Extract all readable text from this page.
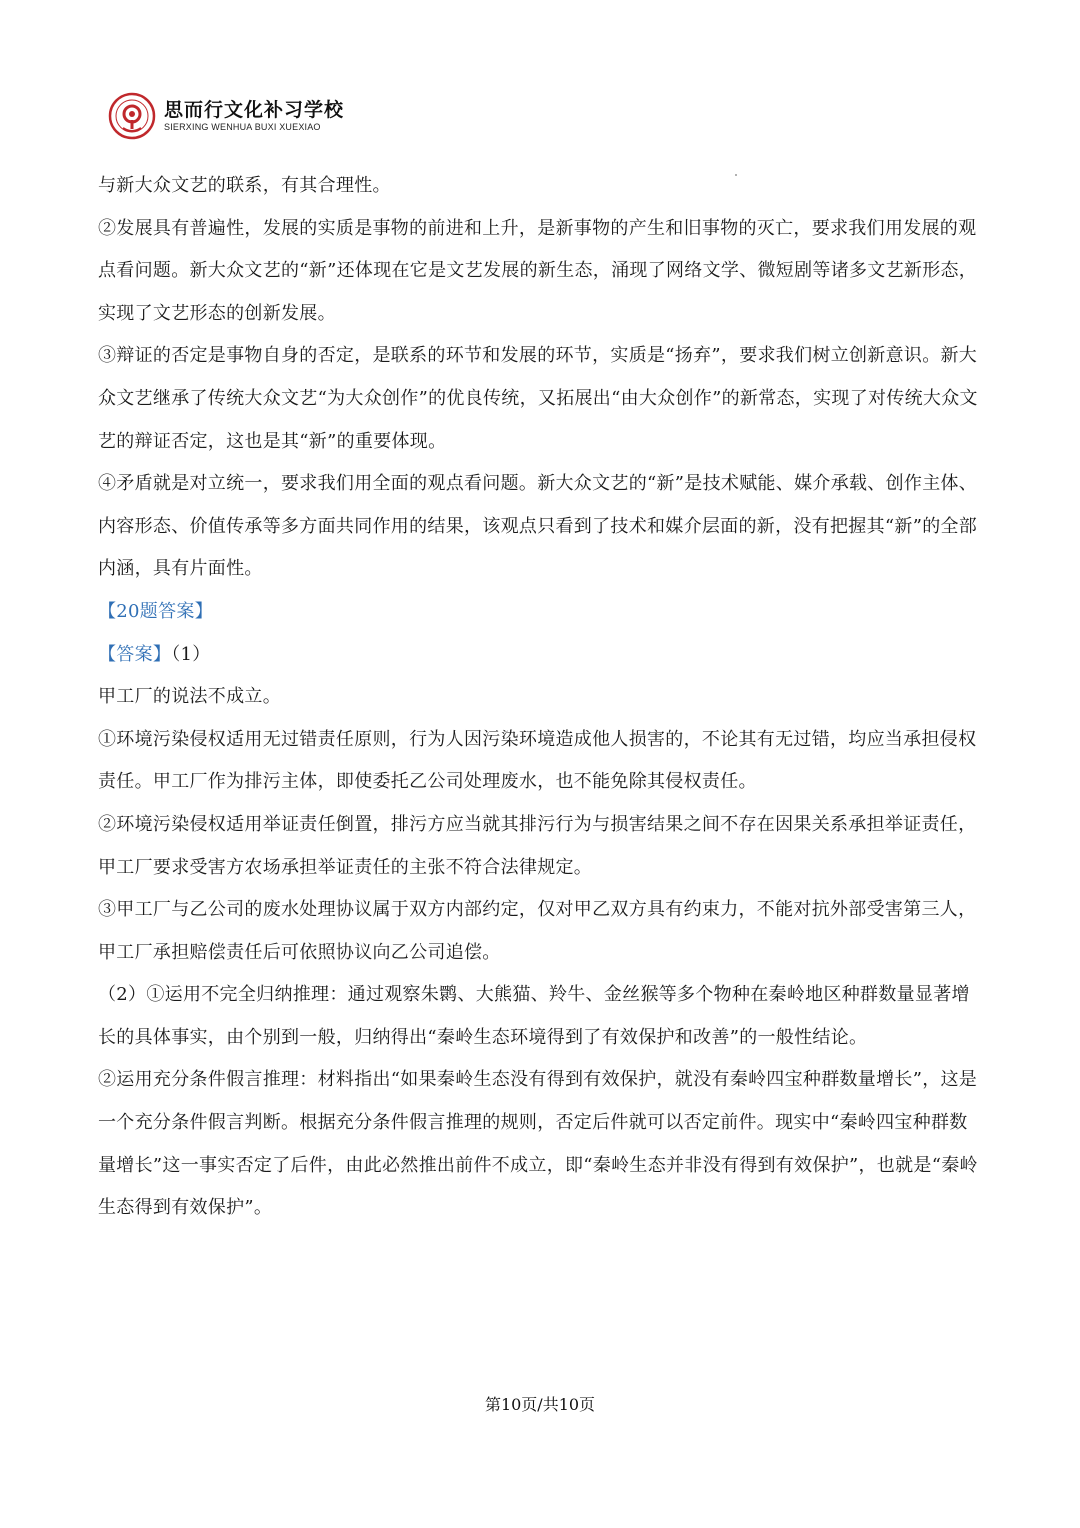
思而行文化补习学校
SIERXING WENHUA BUXI XUEXIAO

与新大众文艺的联系，有其合理性。

②发展具有普遍性，发展的实质是事物的前进和上升，是新事物的产生和旧事物的灭亡，要求我们用发展的观点看问题。新大众文艺的“新”还体现在它是文艺发展的新生态，涌现了网络文学、微短剧等诸多文艺新形态，实现了文艺形态的创新发展。

③辩证的否定是事物自身的否定，是联系的环节和发展的环节，实质是“扬弃”，要求我们树立创新意识。新大众文艺继承了传统大众文艺“为大众创作”的优良传统，又拓展出“由大众创作”的新常态，实现了对传统大众文艺的辩证否定，这也是其“新”的重要体现。

④矛盾就是对立统一，要求我们用全面的观点看问题。新大众文艺的“新”是技术赋能、媒介承载、创作主体、内容形态、价值传承等多方面共同作用的结果，该观点只看到了技术和媒介层面的新，没有把握其“新”的全部内涵，具有片面性。

【20题答案】

【答案】（1）

甲工厂的说法不成立。

①环境污染侵权适用无过错责任原则，行为人因污染环境造成他人损害的，不论其有无过错，均应当承担侵权责任。甲工厂作为排污主体，即使委托乙公司处理废水，也不能免除其侵权责任。

②环境污染侵权适用举证责任倒置，排污方应当就其排污行为与损害结果之间不存在因果关系承担举证责任，甲工厂要求受害方农场承担举证责任的主张不符合法律规定。

③甲工厂与乙公司的废水处理协议属于双方内部约定，仅对甲乙双方具有约束力，不能对抗外部受害第三人，甲工厂承担赔偿责任后可依照协议向乙公司追偿。

（2）①运用不完全归纳推理：通过观察朱鹮、大熊猫、羚牛、金丝猴等多个物种在秦岭地区种群数量显著增长的具体事实，由个别到一般，归纳得出“秦岭生态环境得到了有效保护和改善”的一般性结论。

②运用充分条件假言推理：材料指出“如果秦岭生态没有得到有效保护，就没有秦岭四宝种群数量增长”，这是一个充分条件假言判断。根据充分条件假言推理的规则，否定后件就可以否定前件。现实中“秦岭四宝种群数量增长”这一事实否定了后件，由此必然推出前件不成立，即“秦岭生态并非没有得到有效保护”，也就是“秦岭生态得到有效保护”。

第10页/共10页
